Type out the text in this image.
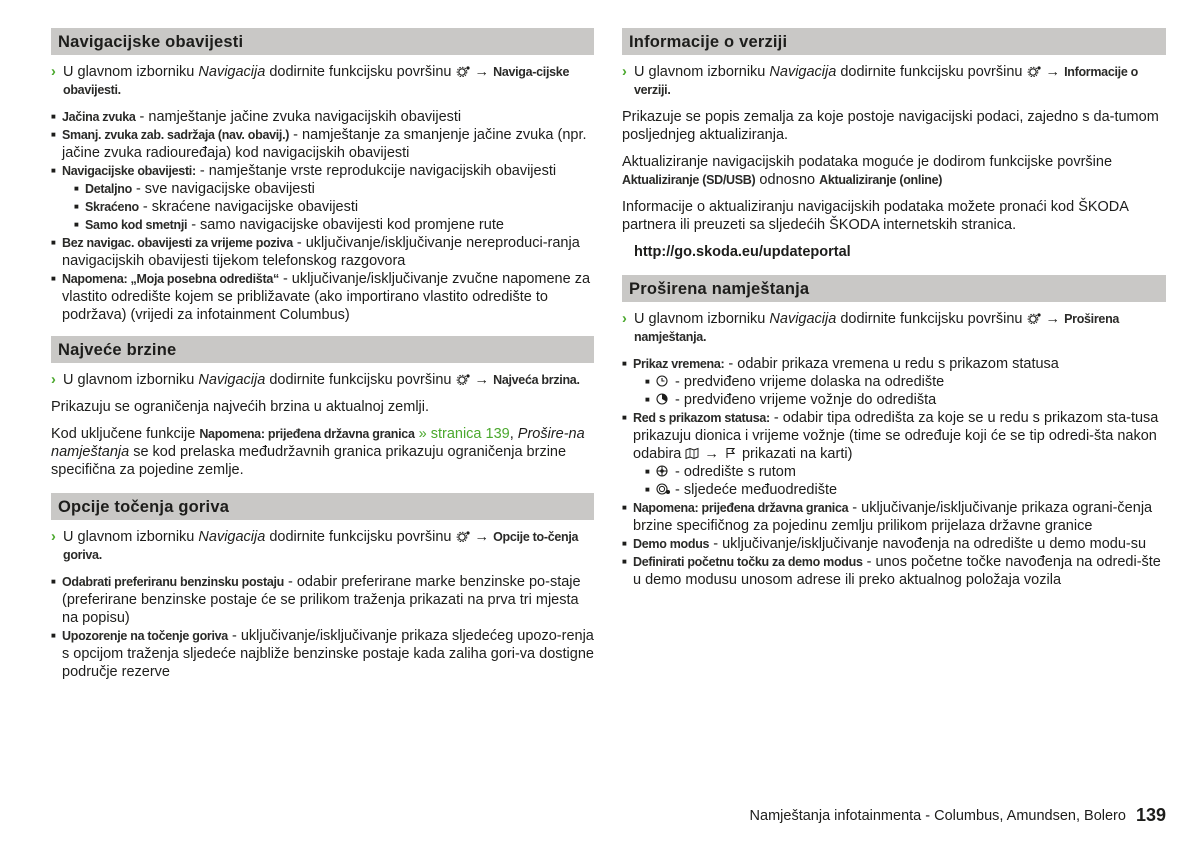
Navigacijske obavijesti

› U glavnom izborniku Navigacija dodirnite funkcijsku površinu  → Naviga-cijske obavijesti.

■ Jačina zvuka - namještanje jačine zvuka navigacijskih obavijesti
■ Smanj. zvuka zab. sadržaja (nav. obavij.) - namještanje za smanjenje jačine zvuka (npr. jačine zvuka radiouređaja) kod navigacijskih obavijesti
■ Navigacijske obavijesti: - namještanje vrste reprodukcije navigacijskih obavijesti
■ Detaljno - sve navigacijske obavijesti
■ Skraćeno - skraćene navigacijske obavijesti
■ Samo kod smetnji - samo navigacijske obavijesti kod promjene rute
■ Bez navigac. obavijesti za vrijeme poziva - uključivanje/isključivanje nereproduci-ranja navigacijskih obavijesti tijekom telefonskog razgovora
■ Napomena: „Moja posebna odredišta“ - uključivanje/isključivanje zvučne napomene za vlastito odredište kojem se približavate (ako importirano vlastito odredište to podržava) (vrijedi za infotainment Columbus)
Najveće brzine

› U glavnom izborniku Navigacija dodirnite funkcijsku površinu  → Najveća brzina.

Prikazuju se ograničenja najvećih brzina u aktualnoj zemlji.

Kod uključene funkcije Napomena: prijeđena državna granica » stranica 139, Prošire-na namještanja se kod prelaska međudržavnih granica prikazuju ograničenja brzine specifična za pojedine zemlje.

Opcije točenja goriva

› U glavnom izborniku Navigacija dodirnite funkcijsku površinu  → Opcije to-čenja goriva.

■ Odabrati preferiranu benzinsku postaju - odabir preferirane marke benzinske po-staje (preferirane benzinske postaje će se prilikom traženja prikazati na prva tri mjesta na popisu)
■ Upozorenje na točenje goriva - uključivanje/isključivanje prikaza sljedećeg upozo-renja s opcijom traženja sljedeće najbliže benzinske postaje kada zaliha gori-va dostigne područje rezerve
Informacije o verziji

› U glavnom izborniku Navigacija dodirnite funkcijsku površinu  → Informacije o verziji.

Prikazuje se popis zemalja za koje postoje navigacijski podaci, zajedno s da-tumom posljednjeg aktualiziranja.

Aktualiziranje navigacijskih podataka moguće je dodirom funkcijske površine Aktualiziranje (SD/USB) odnosno Aktualiziranje (online)

Informacije o aktualiziranju navigacijskih podataka možete pronaći kod ŠKODA partnera ili preuzeti sa sljedećih ŠKODA internetskih stranica.

http://go.skoda.eu/updateportal

Proširena namještanja

› U glavnom izborniku Navigacija dodirnite funkcijsku površinu  → Proširena namještanja.

■ Prikaz vremena: - odabir prikaza vremena u redu s prikazom statusa
■ - predviđeno vrijeme dolaska na odredište
■ - predviđeno vrijeme vožnje do odredišta
■ Red s prikazom statusa: - odabir tipa odredišta za koje se u redu s prikazom sta-tusa prikazuju dionica i vrijeme vožnje (time se određuje koji će se tip odredi-šta nakon odabira  →  prikazati na karti)
■ - odredište s rutom
■ - sljedeće međuodredište
■ Napomena: prijeđena državna granica - uključivanje/isključivanje prikaza ograni-čenja brzine specifičnog za pojedinu zemlju prilikom prijelaza državne granice
■ Demo modus - uključivanje/isključivanje navođenja na odredište u demo modu-su
■ Definirati početnu točku za demo modus - unos početne točke navođenja na odredi-šte u demo modusu unosom adrese ili preko aktualnog položaja vozila
Namještanja infotainmenta - Columbus, Amundsen, Bolero 139
